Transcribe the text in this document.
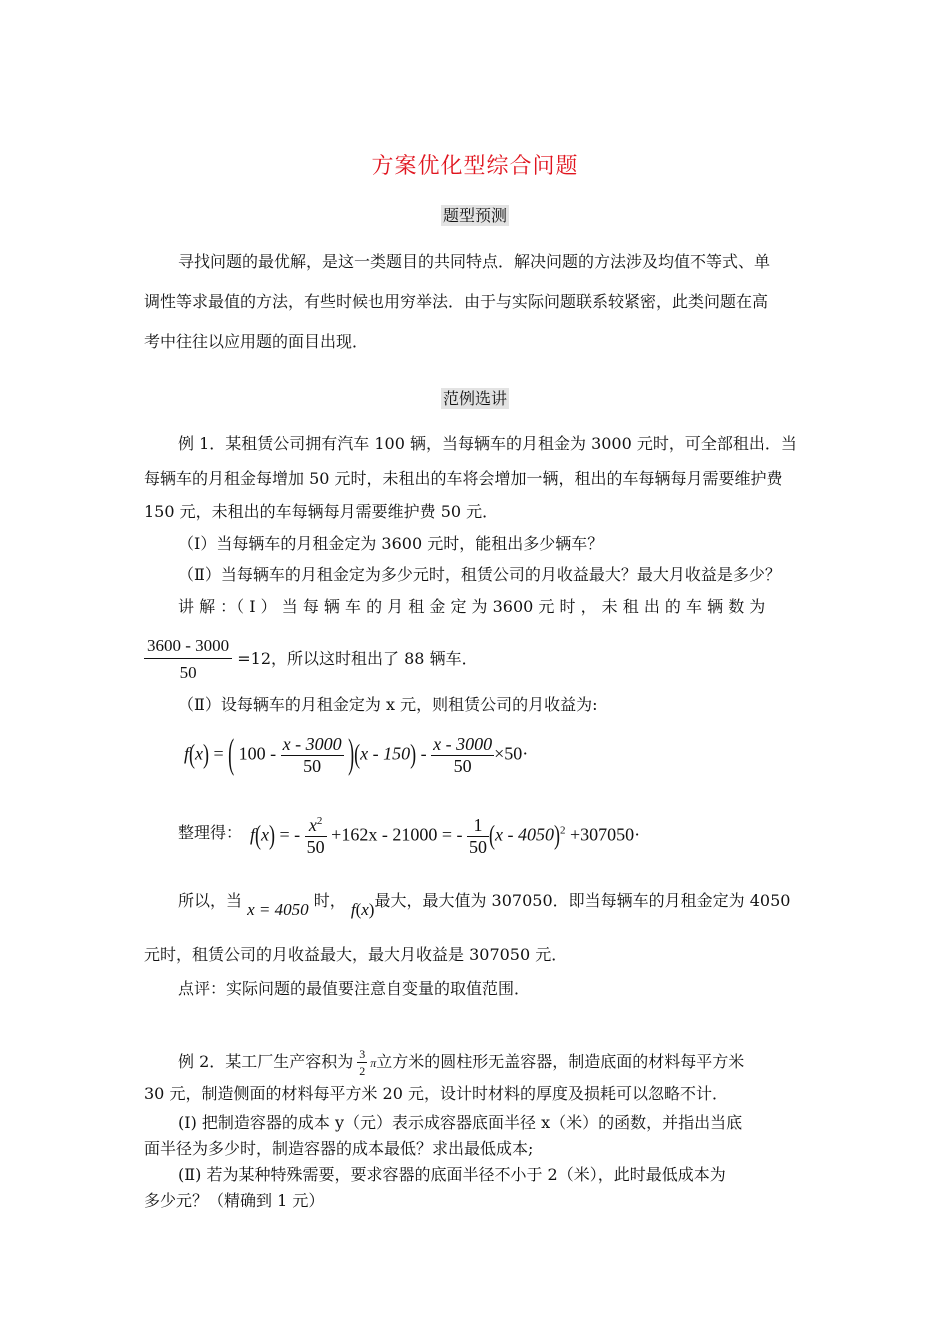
方案优化型综合问题
题型预测
寻找问题的最优解，是这一类题目的共同特点．解决问题的方法涉及均值不等式、单
调性等求最值的方法，有些时候也用穷举法．由于与实际问题联系较紧密，此类问题在高
考中往往以应用题的面目出现．
范例选讲
例 1．某租赁公司拥有汽车 100 辆，当每辆车的月租金为 3000 元时，可全部租出．当
每辆车的月租金每增加 50 元时，未租出的车将会增加一辆，租出的车每辆每月需要维护费
150 元，未租出的车每辆每月需要维护费 50 元．
（Ⅰ）当每辆车的月租金定为 3600 元时，能租出多少辆车？
（Ⅱ）当每辆车的月租金定为多少元时，租赁公司的月收益最大？最大月收益是多少？
讲 解 ：（ Ⅰ ） 当 每 辆 车 的 月 租 金 定 为 3600 元 时 ， 未 租 出 的 车 辆 数 为
$\frac{3600 - 3000}{50} =12$，所以这时租出了 88 辆车．
（Ⅱ）设每辆车的月租金定为 x 元，则租赁公司的月收益为:
f(x) = ( $100 - \frac{x - 3000}{50} )(x - 150) - \frac{x - 3000}{50} \times 50\cdot$
整理得： f(x) = - $\frac{x^2}{50} +162x - 21000$ = - $\frac{1}{50} (x - 4050)^2 +307050\cdot$
所以，当 x = 4050 时， f(x)最大，最大值为 307050．即当每辆车的月租金定为 4050
元时，租赁公司的月收益最大，最大月收益是 307050 元．
点评：实际问题的最值要注意自变量的取值范围．
例 2．某工厂生产容积为 $\frac{3}{2}$ π立方米的圆柱形无盖容器，制造底面的材料每平方米
30 元，制造侧面的材料每平方米 20 元，设计时材料的厚度及损耗可以忽略不计．
(Ⅰ) 把制造容器的成本 y（元）表示成容器底面半径 x（米）的函数，并指出当底
面半径为多少时，制造容器的成本最低？求出最低成本;
(Ⅱ) 若为某种特殊需要，要求容器的底面半径不小于 2（米），此时最低成本为
多少元？（精确到 1 元）
